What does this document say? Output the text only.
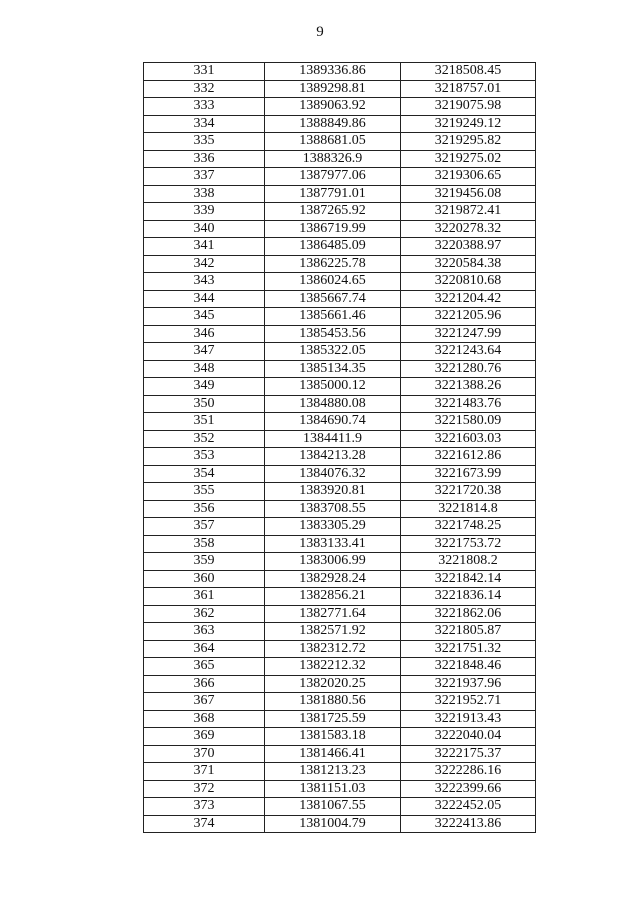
9
331	1389336.86	3218508.45
332	1389298.81	3218757.01
333	1389063.92	3219075.98
334	1388849.86	3219249.12
335	1388681.05	3219295.82
336	1388326.9	3219275.02
337	1387977.06	3219306.65
338	1387791.01	3219456.08
339	1387265.92	3219872.41
340	1386719.99	3220278.32
341	1386485.09	3220388.97
342	1386225.78	3220584.38
343	1386024.65	3220810.68
344	1385667.74	3221204.42
345	1385661.46	3221205.96
346	1385453.56	3221247.99
347	1385322.05	3221243.64
348	1385134.35	3221280.76
349	1385000.12	3221388.26
350	1384880.08	3221483.76
351	1384690.74	3221580.09
352	1384411.9	3221603.03
353	1384213.28	3221612.86
354	1384076.32	3221673.99
355	1383920.81	3221720.38
356	1383708.55	3221814.8
357	1383305.29	3221748.25
358	1383133.41	3221753.72
359	1383006.99	3221808.2
360	1382928.24	3221842.14
361	1382856.21	3221836.14
362	1382771.64	3221862.06
363	1382571.92	3221805.87
364	1382312.72	3221751.32
365	1382212.32	3221848.46
366	1382020.25	3221937.96
367	1381880.56	3221952.71
368	1381725.59	3221913.43
369	1381583.18	3222040.04
370	1381466.41	3222175.37
371	1381213.23	3222286.16
372	1381151.03	3222399.66
373	1381067.55	3222452.05
374	1381004.79	3222413.86
